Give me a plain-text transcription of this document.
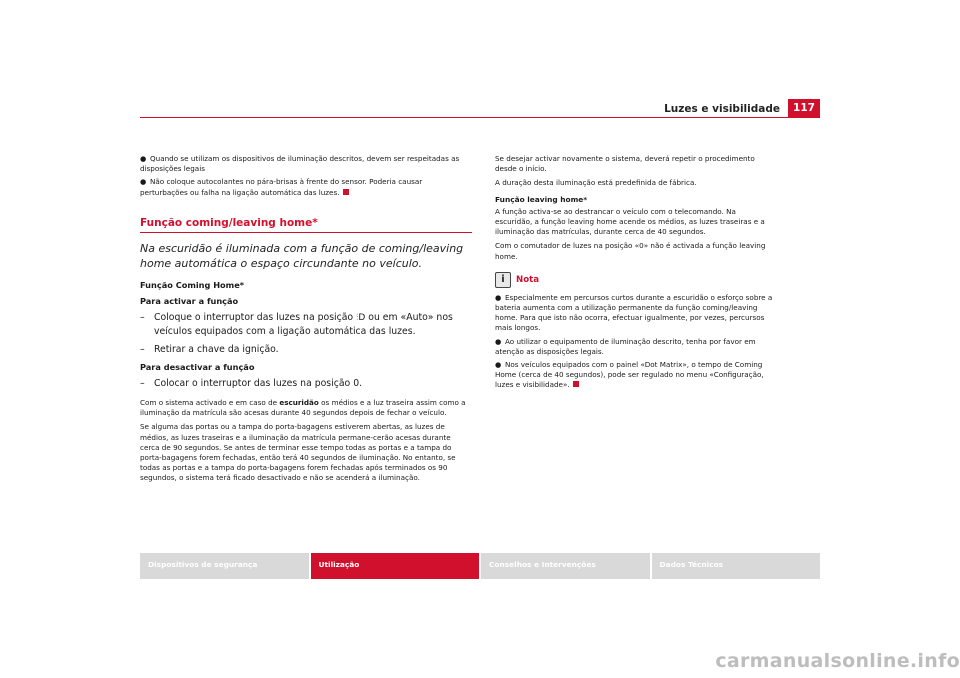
Luzes e visibilidade	117

● Quando se utilizam os dispositivos de iluminação descritos, devem ser respeitadas as disposições legais

● Não coloque autocolantes no pára-brisas à frente do sensor. Poderia causar perturbações ou falha na ligação automática das luzes.

Função coming/leaving home*
Na escuridão é iluminada com a função de coming/leaving home automática o espaço circundante no veículo.
Função Coming Home*
Para activar a função
–	Coloque o interruptor das luzes na posição ⫶D ou em «Auto» nos veículos equipados com a ligação automática das luzes.
–	Retirar a chave da ignição.
Para desactivar a função
–	Colocar o interruptor das luzes na posição 0.

Com o sistema activado e em caso de escuridão os médios e a luz traseira assim como a iluminação da matrícula são acesas durante 40 segundos depois de fechar o veículo.

Se alguma das portas ou a tampa do porta-bagagens estiverem abertas, as luzes de médios, as luzes traseiras e a iluminação da matrícula permane-cerão acesas durante cerca de 90 segundos. Se antes de terminar esse tempo todas as portas e a tampa do porta-bagagens forem fechadas, então terá 40 segundos de iluminação. No entanto, se todas as portas e a tampa do porta-bagagens forem fechadas após terminados os 90 segundos, o sistema terá ficado desactivado e não se acenderá a iluminação.

Se desejar activar novamente o sistema, deverá repetir o procedimento desde o início.

A duração desta iluminação está predefinida de fábrica.

Função leaving home*

A função activa-se ao destrancar o veículo com o telecomando. Na escuridão, a função leaving home acende os médios, as luzes traseiras e a iluminação das matrículas, durante cerca de 40 segundos.

Com o comutador de luzes na posição «0» não é activada a função leaving home.

i	Nota

● Especialmente em percursos curtos durante a escuridão o esforço sobre a bateria aumenta com a utilização permanente da função coming/leaving home. Para que isto não ocorra, efectuar igualmente, por vezes, percursos mais longos.

● Ao utilizar o equipamento de iluminação descrito, tenha por favor em atenção as disposições legais.

● Nos veículos equipados com o painel «Dot Matrix», o tempo de Coming Home (cerca de 40 segundos), pode ser regulado no menu «Configuração, luzes e visibilidade».

Dispositivos de segurança	Utilização	Conselhos e Intervenções	Dados Técnicos
carmanualsonline.info
